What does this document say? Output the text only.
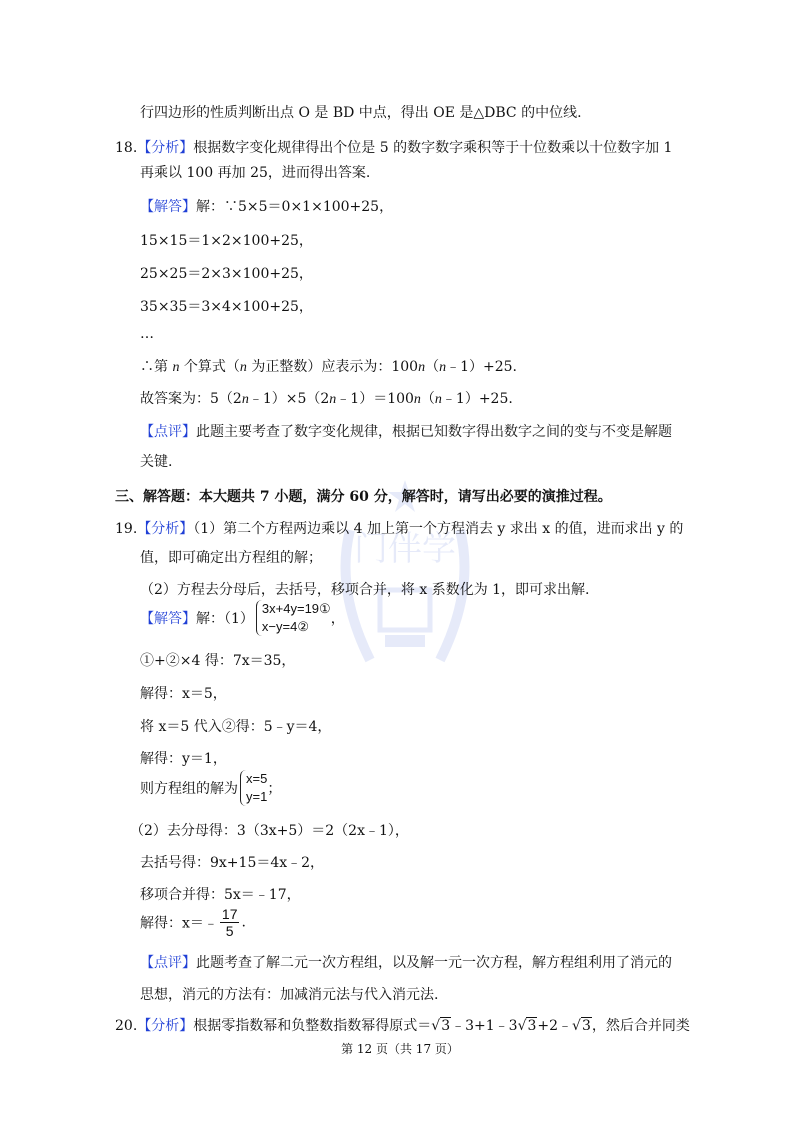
门伴学
行四边形的性质判断出点 O 是 BD 中点，得出 OE 是△DBC 的中位线.
18.【分析】根据数字变化规律得出个位是 5 的数字数字乘积等于十位数乘以十位数字加 1
再乘以 100 再加 25，进而得出答案.
【解答】解：∵5×5＝0×1×100+25，
15×15＝1×2×100+25，
25×25＝2×3×100+25，
35×35＝3×4×100+25，
…
∴第 n 个算式（n 为正整数）应表示为：100n（n﹣1）+25.
故答案为：5（2n﹣1）×5（2n﹣1）＝100n（n﹣1）+25.
【点评】此题主要考查了数字变化规律，根据已知数字得出数字之间的变与不变是解题
关键.
三、解答题：本大题共 7 小题，满分 60 分，解答时，请写出必要的演推过程。
19.【分析】（1）第二个方程两边乘以 4 加上第一个方程消去 y 求出 x 的值，进而求出 y 的
值，即可确定出方程组的解；
（2）方程去分母后，去括号，移项合并，将 x 系数化为 1，即可求出解.
【解答】解：（1）
3x+4y=19①
x−y=4②	，
①+②×4 得：7x＝35，
解得：x＝5，
将 x＝5 代入②得：5﹣y＝4，
解得：y＝1，
则方程组的解为
x=5
y=1 ；
（2）去分母得：3（3x+5）＝2（2x﹣1），
去括号得：9x+15＝4x﹣2，
移项合并得：5x＝﹣17，
解得：x＝﹣ $\frac{17}{5}$ .
【点评】此题考查了解二元一次方程组，以及解一元一次方程，解方程组利用了消元的
思想，消元的方法有：加减消元法与代入消元法.
20.【分析】根据零指数幂和负整数指数幂得原式＝√3﹣3+1﹣3√3+2﹣√3，然后合并同类
第 12 页（共 17 页）
